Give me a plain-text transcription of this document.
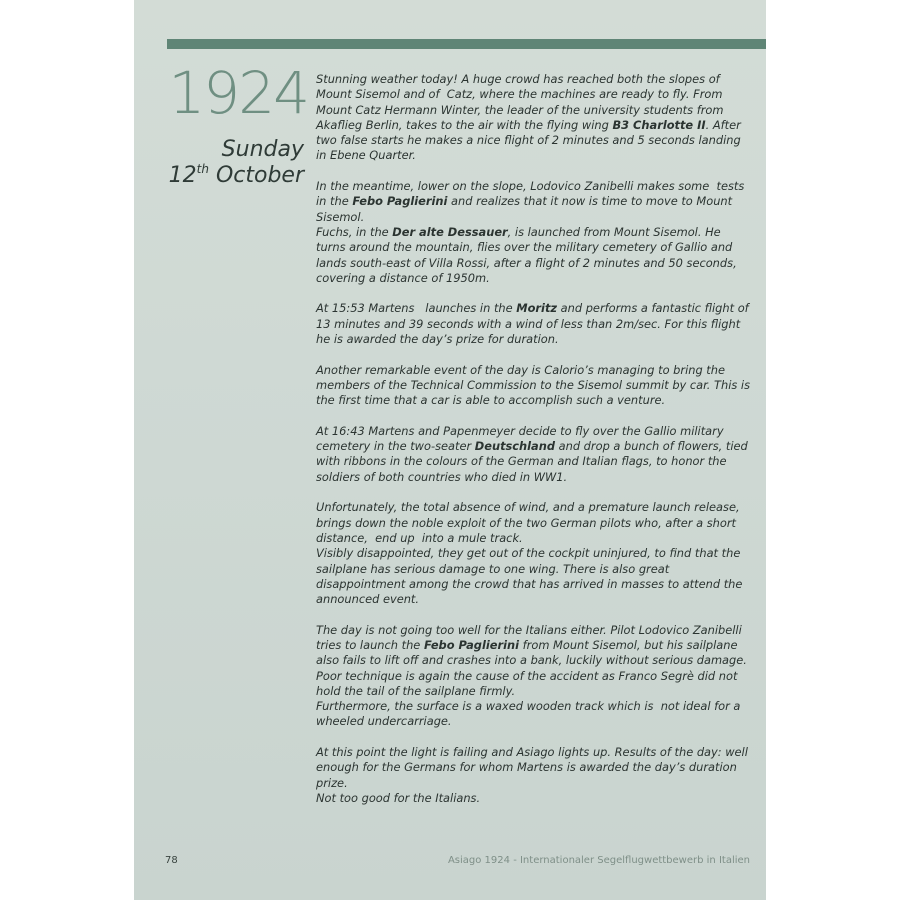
1924
Sunday
12th October

Stunning weather today! A huge crowd has reached both the slopes of Mount Sisemol and of  Catz, where the machines are ready to fly. From Mount Catz Hermann Winter, the leader of the university students from Akaflieg Berlin, takes to the air with the flying wing B3 Charlotte II. After two false starts he makes a nice flight of 2 minutes and 5 seconds landing in Ebene Quarter.

In the meantime, lower on the slope, Lodovico Zanibelli makes some  tests in the Febo Paglierini and realizes that it now is time to move to Mount Sisemol.
Fuchs, in the Der alte Dessauer, is launched from Mount Sisemol. He turns around the mountain, flies over the military cemetery of Gallio and lands south-east of Villa Rossi, after a flight of 2 minutes and 50 seconds, covering a distance of 1950m.

At 15:53 Martens   launches in the Moritz and performs a fantastic flight of 13 minutes and 39 seconds with a wind of less than 2m/sec. For this flight he is awarded the day’s prize for duration.

Another remarkable event of the day is Calorio’s managing to bring the members of the Technical Commission to the Sisemol summit by car. This is the first time that a car is able to accomplish such a venture.

At 16:43 Martens and Papenmeyer decide to fly over the Gallio military cemetery in the two-seater Deutschland and drop a bunch of flowers, tied with ribbons in the colours of the German and Italian flags, to honor the soldiers of both countries who died in WW1.

Unfortunately, the total absence of wind, and a premature launch release, brings down the noble exploit of the two German pilots who, after a short distance,  end up  into a mule track.
Visibly disappointed, they get out of the cockpit uninjured, to find that the sailplane has serious damage to one wing. There is also great disappointment among the crowd that has arrived in masses to attend the announced event.

The day is not going too well for the Italians either. Pilot Lodovico Zanibelli tries to launch the Febo Paglierini from Mount Sisemol, but his sailplane also fails to lift off and crashes into a bank, luckily without serious damage.
Poor technique is again the cause of the accident as Franco Segrè did not hold the tail of the sailplane firmly.
Furthermore, the surface is a waxed wooden track which is  not ideal for a wheeled undercarriage.

At this point the light is failing and Asiago lights up. Results of the day: well enough for the Germans for whom Martens is awarded the day’s duration prize.
Not too good for the Italians.

78	Asiago 1924 - Internationaler Segelflugwettbewerb in Italien
